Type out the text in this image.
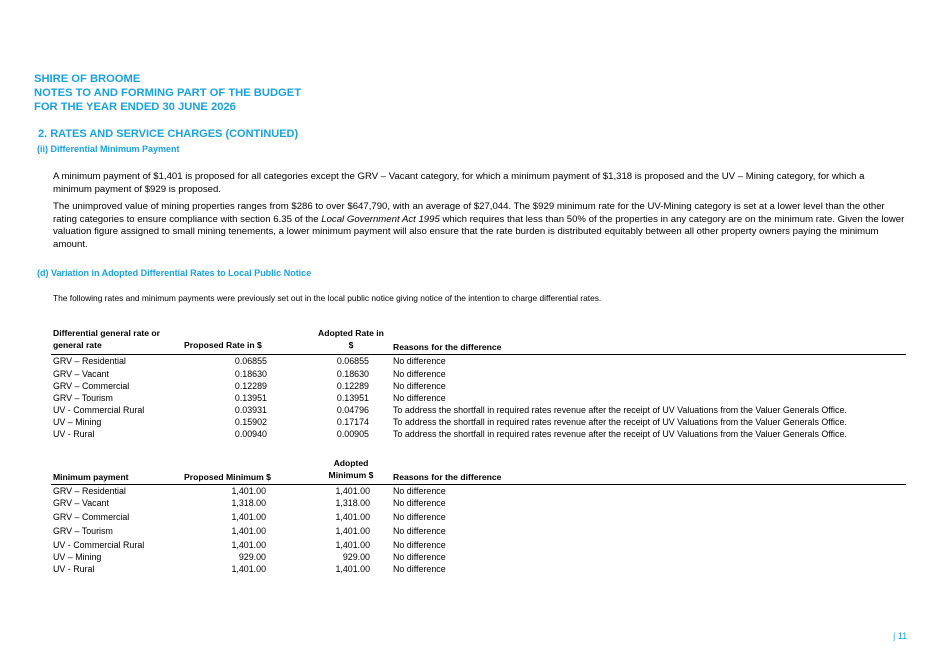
SHIRE OF BROOME
NOTES TO AND FORMING PART OF THE BUDGET
FOR THE YEAR ENDED 30 JUNE 2026
2. RATES AND SERVICE CHARGES (CONTINUED)
(ii) Differential Minimum Payment
A minimum payment of $1,401 is proposed for all categories except the GRV – Vacant category, for which a minimum payment of $1,318 is proposed and the UV – Mining category, for which a minimum payment of $929 is proposed.
The unimproved value of mining properties ranges from $286 to over $647,790, with an average of $27,044. The $929 minimum rate for the UV-Mining category is set at a lower level than the other rating categories to ensure compliance with section 6.35 of the Local Government Act 1995 which requires that less than 50% of the properties in any category are on the minimum rate. Given the lower valuation figure assigned to small mining tenements, a lower minimum payment will also ensure that the rate burden is distributed equitably between all other property owners paying the minimum amount.
(d) Variation in Adopted Differential Rates to Local Public Notice
The following rates and minimum payments were previously set out in the local public notice giving notice of the intention to charge differential rates.
Differential general rate or
general rate	Proposed Rate in $
Adopted Rate in
$	Reasons for the difference
GRV – Residential	0.06855	0.06855	No difference
GRV – Vacant	0.18630	0.18630	No difference
GRV – Commercial	0.12289	0.12289	No difference
GRV – Tourism	0.13951	0.13951	No difference
UV - Commercial Rural	0.03931	0.04796	To address the shortfall in required rates revenue after the receipt of UV Valuations from the Valuer Generals Office.
UV – Mining	0.15902	0.17174	To address the shortfall in required rates revenue after the receipt of UV Valuations from the Valuer Generals Office.
UV - Rural	0.00940	0.00905	To address the shortfall in required rates revenue after the receipt of UV Valuations from the Valuer Generals Office.
Minimum payment	Proposed Minimum $
Adopted
Minimum $	Reasons for the difference
GRV – Residential	1,401.00	1,401.00	No difference
GRV – Vacant	1,318.00	1,318.00	No difference
GRV – Commercial	1,401.00	1,401.00	No difference
GRV – Tourism	1,401.00	1,401.00	No difference
UV - Commercial Rural	1,401.00	1,401.00	No difference
UV – Mining	929.00	929.00	No difference
UV - Rural	1,401.00	1,401.00	No difference
| 11
